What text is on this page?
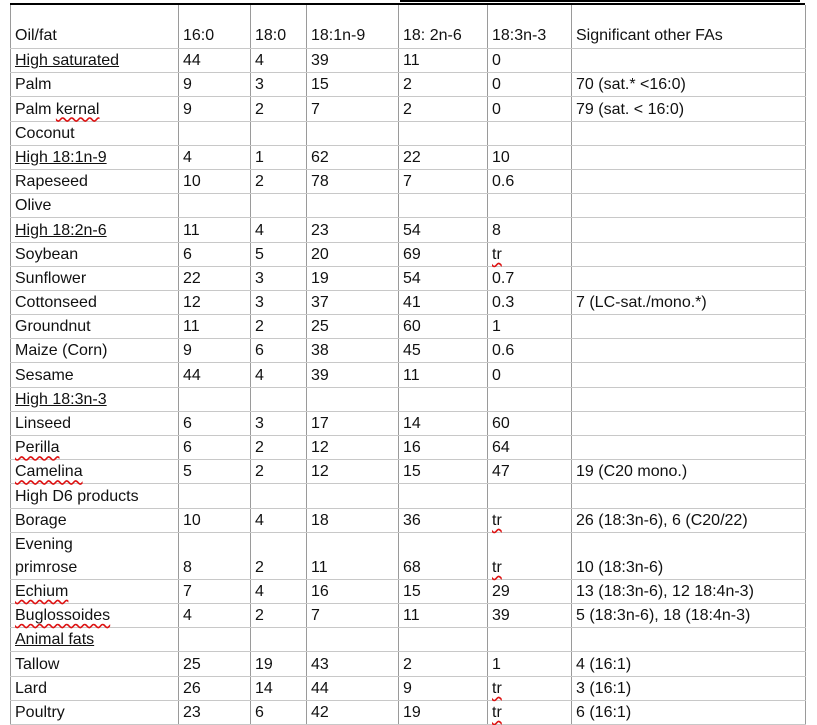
Oil/fat	16:0	18:0	18:1n-9	18: 2n-6	18:3n-3	Significant other FAs
High saturated	44	4	39	11	0	
Palm	9	3	15	2	0	70 (sat.* <16:0)
Palm kernal	9	2	7	2	0	79 (sat. < 16:0)
Coconut						
High 18:1n-9	4	1	62	22	10	
Rapeseed	10	2	78	7	0.6	
Olive						
High 18:2n-6	11	4	23	54	8	
Soybean	6	5	20	69	tr	
Sunflower	22	3	19	54	0.7	
Cottonseed	12	3	37	41	0.3	7 (LC-sat./mono.*)
Groundnut	11	2	25	60	1	
Maize (Corn)	9	6	38	45	0.6	
Sesame	44	4	39	11	0	
High 18:3n-3						
Linseed	6	3	17	14	60	
Perilla	6	2	12	16	64	
Camelina	5	2	12	15	47	19 (C20 mono.)
High D6 products						
Borage	10	4	18	36	tr	26 (18:3n-6), 6 (C20/22)

Evening
primrose	8	2	11	68	tr	10 (18:3n-6)
Echium	7	4	16	15	29	13 (18:3n-6), 12 18:4n-3)
Buglossoides	4	2	7	11	39	5 (18:3n-6), 18 (18:4n-3)
Animal fats						
Tallow	25	19	43	2	1	4 (16:1)
Lard	26	14	44	9	tr	3 (16:1)
Poultry	23	6	42	19	tr	6 (16:1)
